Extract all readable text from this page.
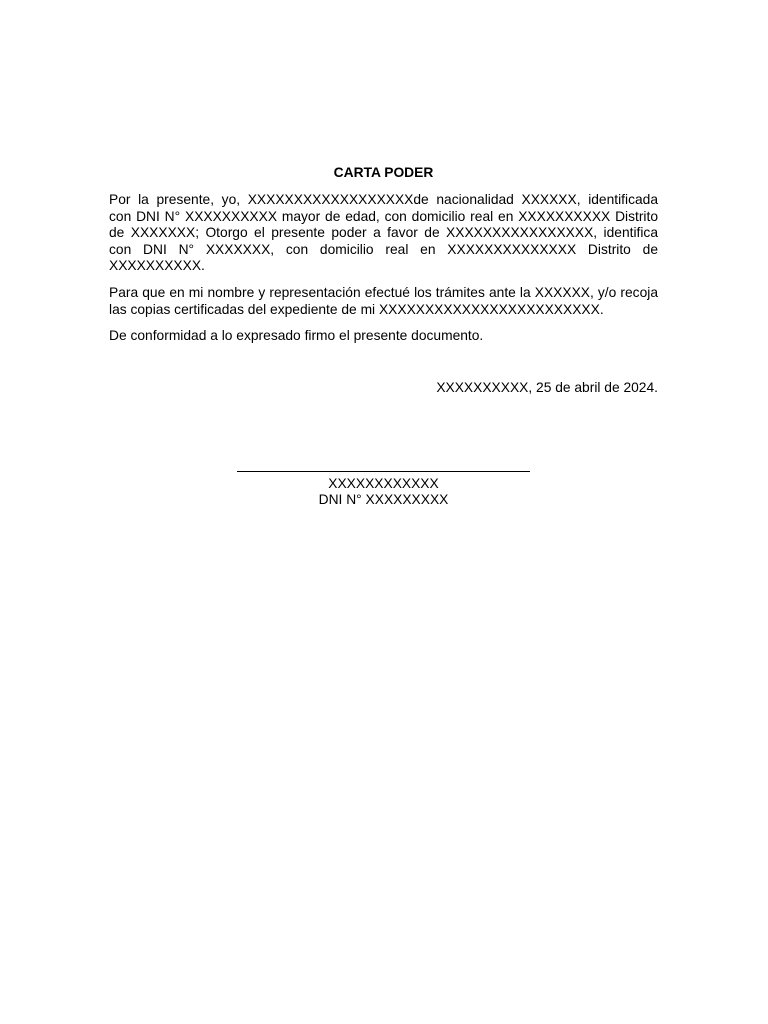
CARTA PODER
Por la presente, yo, XXXXXXXXXXXXXXXXXXde nacionalidad XXXXXX, identificada
con DNI N° XXXXXXXXXX mayor de edad, con domicilio real en XXXXXXXXXX Distrito
de XXXXXXX; Otorgo el presente poder a favor de XXXXXXXXXXXXXXXX, identifica
con DNI N° XXXXXXX, con domicilio real en XXXXXXXXXXXXXX Distrito de
XXXXXXXXXX.
Para que en mi nombre y representación efectué los trámites ante la XXXXXX, y/o recoja
las copias certificadas del expediente de mi XXXXXXXXXXXXXXXXXXXXXXXX.
De conformidad a lo expresado firmo el presente documento.
XXXXXXXXXX, 25 de abril de 2024.
XXXXXXXXXXXX
DNI N° XXXXXXXXX
